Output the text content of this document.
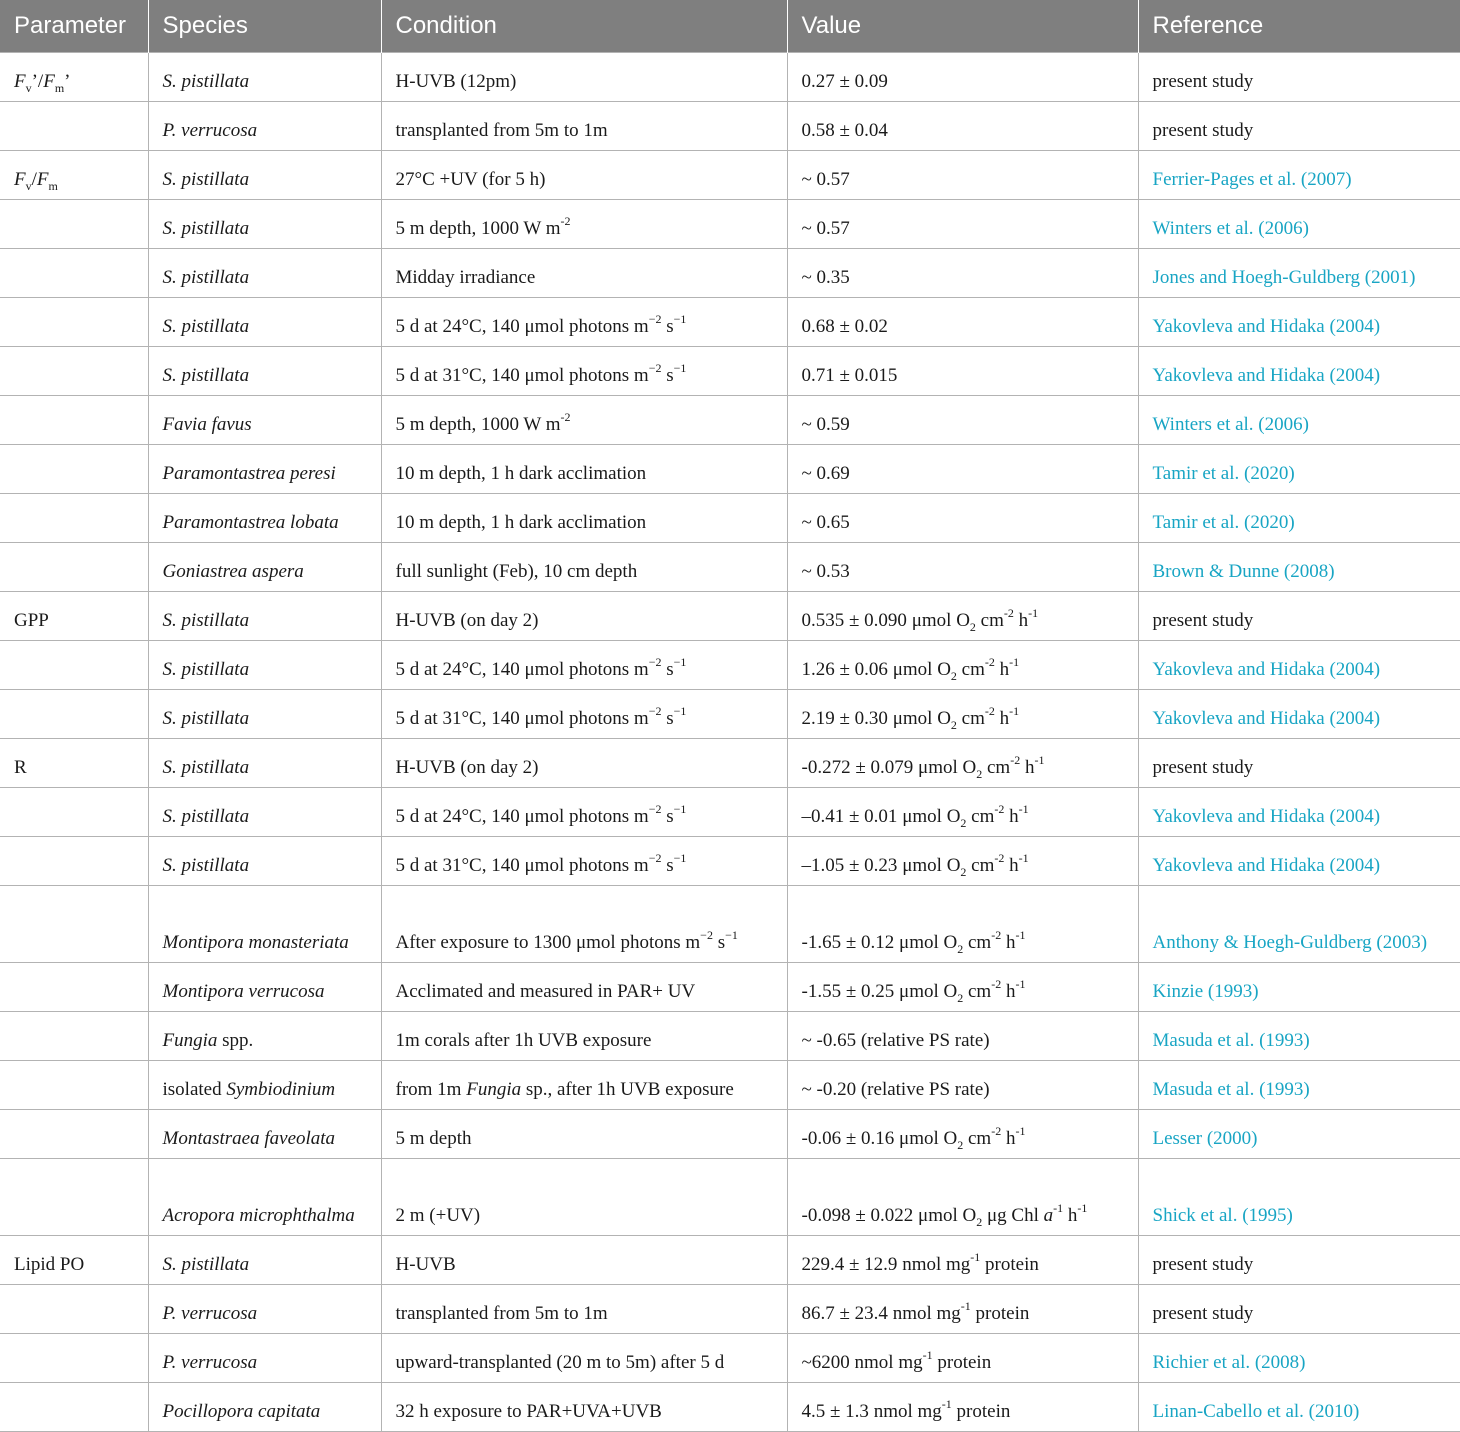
Parameter	Species	Condition	Value	Reference
$F_v’/F_m$’	S. pistillata	H-UVB (12pm)	0.27 ± 0.09	present study
	P. verrucosa	transplanted from 5m to 1m	0.58 ± 0.04	present study
$F_v/F_m$	S. pistillata	27°C +UV (for 5 h)	~ 0.57	Ferrier-Pages et al. (2007)
	S. pistillata	5 m depth, 1000 W $m^{-2}$	~ 0.57	Winters et al. (2006)
	S. pistillata	Midday irradiance	~ 0.35	Jones and Hoegh-Guldberg (2001)
	S. pistillata	5 d at 24°C, 140 μmol photons $m^{-2}$ $s^{-1}$	0.68 ± 0.02	Yakovleva and Hidaka (2004)
	S. pistillata	5 d at 31°C, 140 μmol photons $m^{-2}$ $s^{-1}$	0.71 ± 0.015	Yakovleva and Hidaka (2004)
	Favia favus	5 m depth, 1000 W $m^{-2}$	~ 0.59	Winters et al. (2006)
	Paramontastrea peresi	10 m depth, 1 h dark acclimation	~ 0.69	Tamir et al. (2020)
	Paramontastrea lobata	10 m depth, 1 h dark acclimation	~ 0.65	Tamir et al. (2020)
	Goniastrea aspera	full sunlight (Feb), 10 cm depth	~ 0.53	Brown & Dunne (2008)
GPP	S. pistillata	H-UVB (on day 2)	0.535 ± 0.090 μmol $O_2$ $cm^{-2}$ $h^{-1}$	present study
	S. pistillata	5 d at 24°C, 140 μmol photons $m^{-2}$ $s^{-1}$	1.26 ± 0.06 μmol $O_2$ $cm^{-2}$ $h^{-1}$	Yakovleva and Hidaka (2004)
	S. pistillata	5 d at 31°C, 140 μmol photons $m^{-2}$ $s^{-1}$	2.19 ± 0.30 μmol $O_2$ $cm^{-2}$ $h^{-1}$	Yakovleva and Hidaka (2004)
R	S. pistillata	H-UVB (on day 2)	-0.272 ± 0.079 μmol $O_2$ $cm^{-2}$ $h^{-1}$	present study
	S. pistillata	5 d at 24°C, 140 μmol photons $m^{-2}$ $s^{-1}$	–0.41 ± 0.01 μmol $O_2$ $cm^{-2}$ $h^{-1}$	Yakovleva and Hidaka (2004)
	S. pistillata	5 d at 31°C, 140 μmol photons $m^{-2}$ $s^{-1}$	–1.05 ± 0.23 μmol $O_2$ $cm^{-2}$ $h^{-1}$	Yakovleva and Hidaka (2004)
	Montipora monasteriata	After exposure to 1300 μmol photons $m^{-2}$ $s^{-1}$	-1.65 ± 0.12 μmol $O_2$ $cm^{-2}$ $h^{-1}$	Anthony & Hoegh-Guldberg (2003)
	Montipora verrucosa	Acclimated and measured in PAR+ UV	-1.55 ± 0.25 μmol $O_2$ $cm^{-2}$ $h^{-1}$	Kinzie (1993)
	Fungia spp.	1m corals after 1h UVB exposure	~ -0.65 (relative PS rate)	Masuda et al. (1993)
	isolated Symbiodinium	from 1m Fungia sp., after 1h UVB exposure	~ -0.20 (relative PS rate)	Masuda et al. (1993)
	Montastraea faveolata	5 m depth	-0.06 ± 0.16 μmol $O_2$ $cm^{-2}$ $h^{-1}$	Lesser (2000)
	Acropora microphthalma	2 m (+UV)	-0.098 ± 0.022 μmol $O_2$ μg Chl $a^{-1}$ $h^{-1}$	Shick et al. (1995)
Lipid PO	S. pistillata	H-UVB	229.4 ± 12.9 nmol $mg^{-1}$ protein	present study
	P. verrucosa	transplanted from 5m to 1m	86.7 ± 23.4 nmol $mg^{-1}$ protein	present study
	P. verrucosa	upward-transplanted (20 m to 5m) after 5 d	~6200 nmol $mg^{-1}$ protein	Richier et al. (2008)
	Pocillopora capitata	32 h exposure to PAR+UVA+UVB	4.5 ± 1.3 nmol $mg^{-1}$ protein	Linan-Cabello et al. (2010)
